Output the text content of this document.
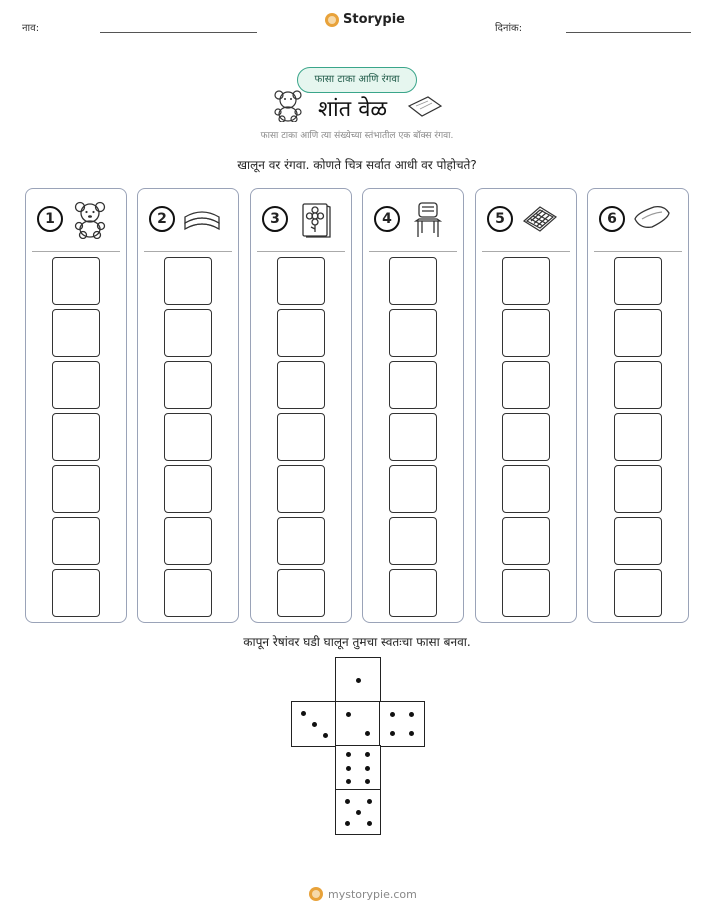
नाव:
Storypie
दिनांक:
फासा टाका आणि रंगवा
शांत वेळ
फासा टाका आणि त्या संख्येच्या स्तंभातील एक बॉक्स रंगवा.
खालून वर रंगवा. कोणते चित्र सर्वात आधी वर पोहोचते?
1	2	3	4	5	6
कापून रेषांवर घडी घालून तुमचा स्वतःचा फासा बनवा.
mystorypie.com
